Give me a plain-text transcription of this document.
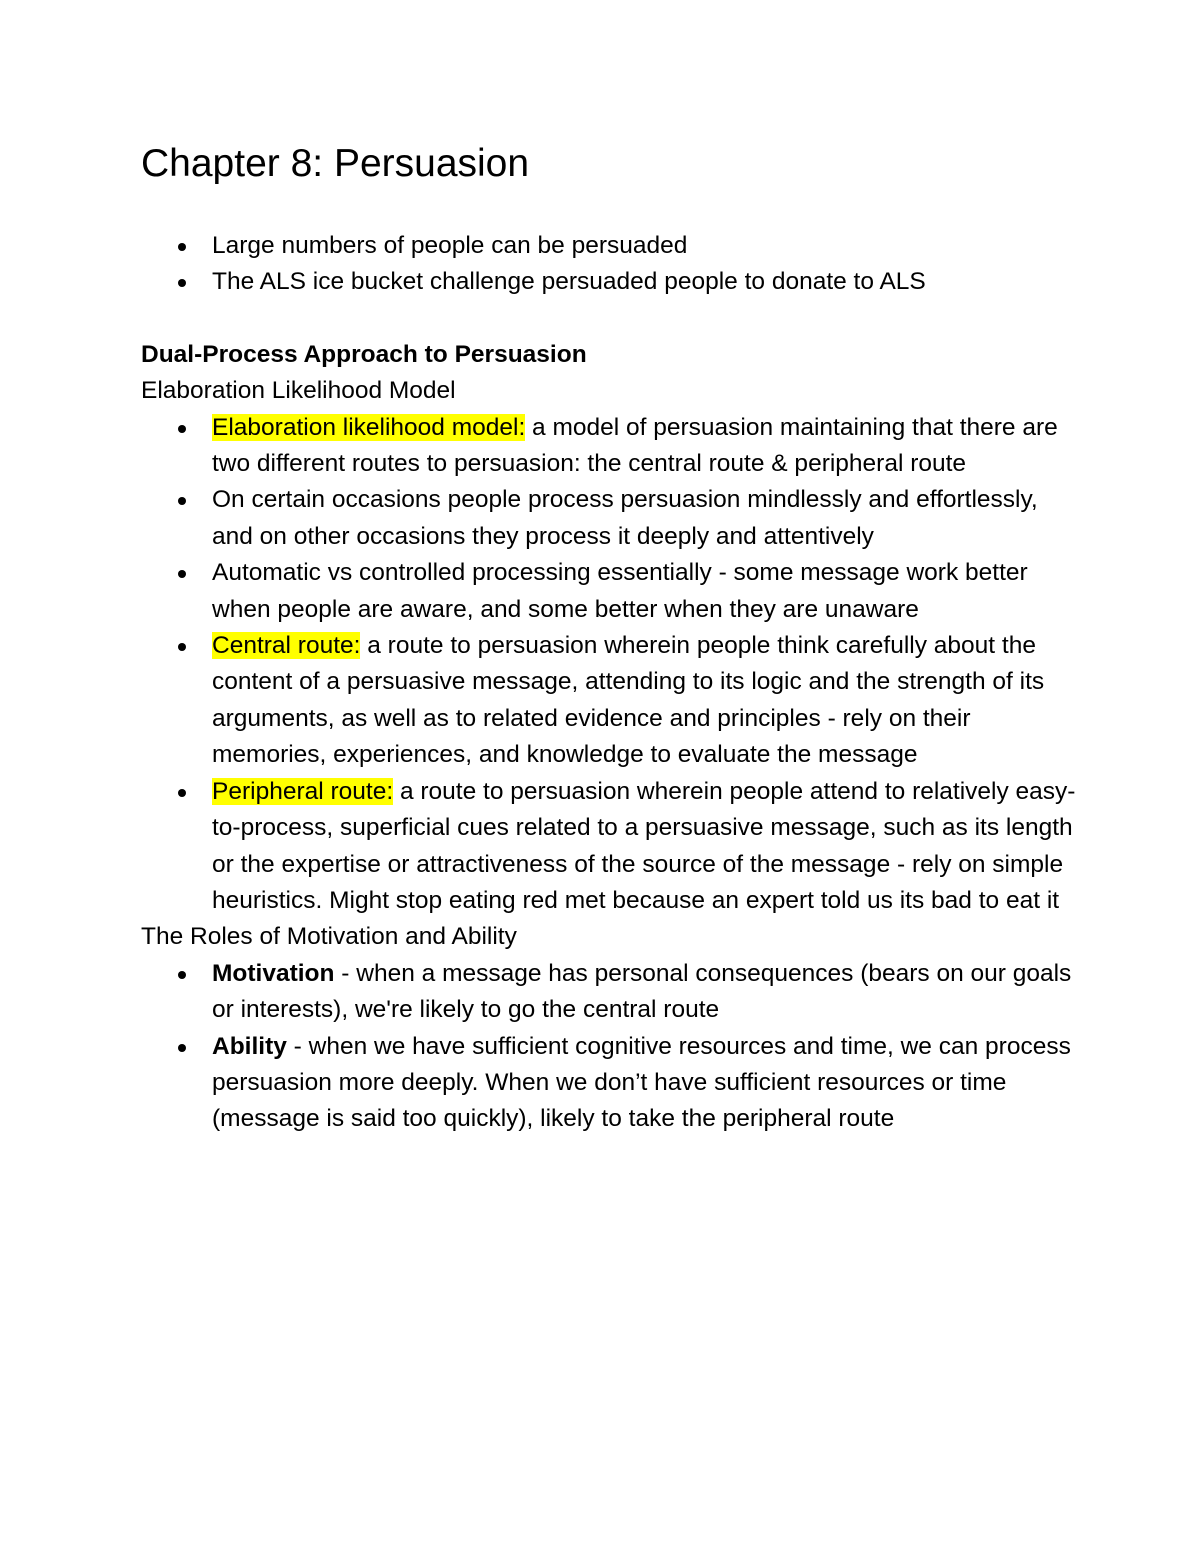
Chapter 8: Persuasion
Large numbers of people can be persuaded
The ALS ice bucket challenge persuaded people to donate to ALS
Dual-Process Approach to Persuasion
Elaboration Likelihood Model
Elaboration likelihood model: a model of persuasion maintaining that there are two different routes to persuasion: the central route & peripheral route
On certain occasions people process persuasion mindlessly and effortlessly, and on other occasions they process it deeply and attentively
Automatic vs controlled processing essentially - some message work better when people are aware, and some better when they are unaware
Central route: a route to persuasion wherein people think carefully about the content of a persuasive message, attending to its logic and the strength of its arguments, as well as to related evidence and principles - rely on their memories, experiences, and knowledge to evaluate the message
Peripheral route: a route to persuasion wherein people attend to relatively easy-to-process, superficial cues related to a persuasive message, such as its length or the expertise or attractiveness of the source of the message - rely on simple heuristics. Might stop eating red met because an expert told us its bad to eat it
The Roles of Motivation and Ability
Motivation - when a message has personal consequences (bears on our goals or interests), we're likely to go the central route
Ability - when we have sufficient cognitive resources and time, we can process persuasion more deeply. When we don’t have sufficient resources or time (message is said too quickly), likely to take the peripheral route
